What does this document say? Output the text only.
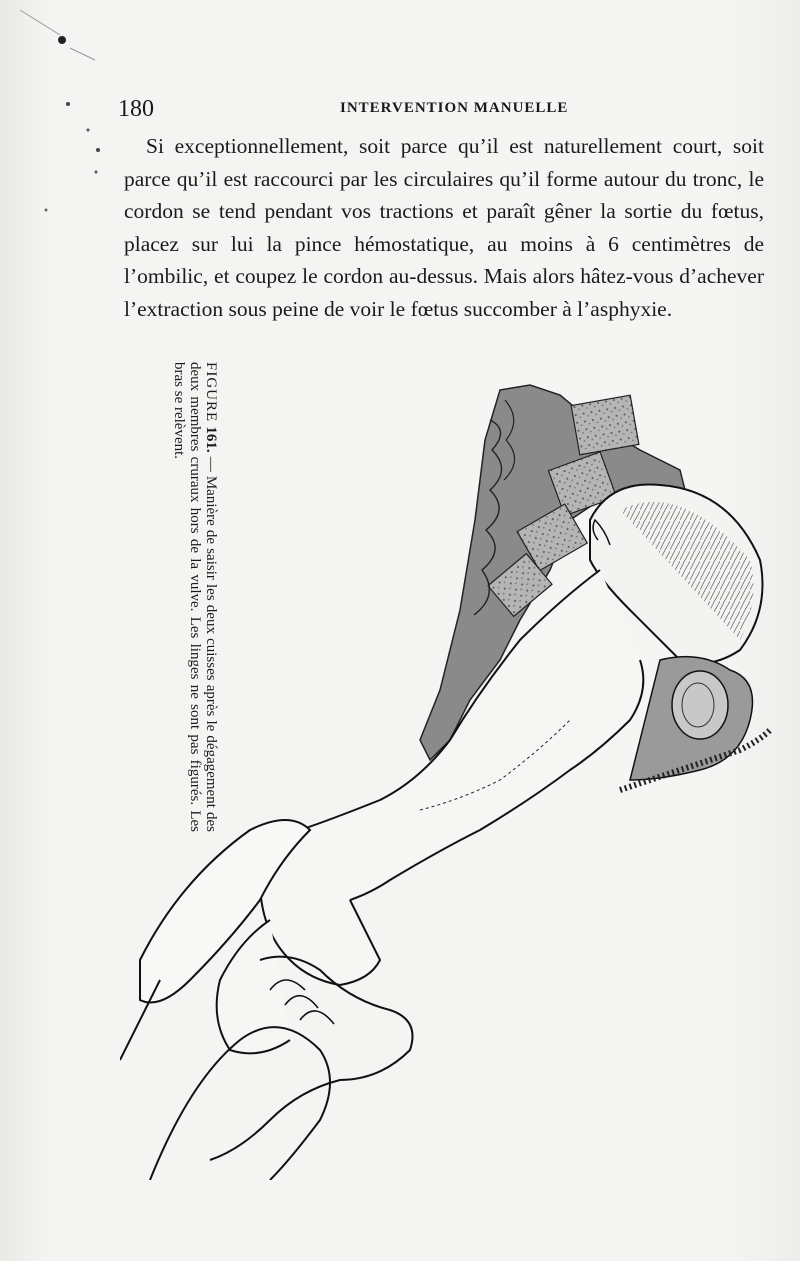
180	INTERVENTION MANUELLE

Si exceptionnellement, soit parce qu’il est naturellement court, soit parce qu’il est raccourci par les circulaires qu’il forme autour du tronc, le cordon se tend pendant vos tractions et paraît gêner la sortie du fœtus, placez sur lui la pince hémostatique, au moins à 6 centimètres de l’ombilic, et coupez le cordon au-dessus. Mais alors hâtez-vous d’achever l’extraction sous peine de voir le fœtus succomber à l’asphyxie.

FIGURE 161. — Manière de saisir les deux cuisses après le dégagement des deux membres cruraux hors de la vulve. Les linges ne sont pas figurés. Les bras se relèvent.
